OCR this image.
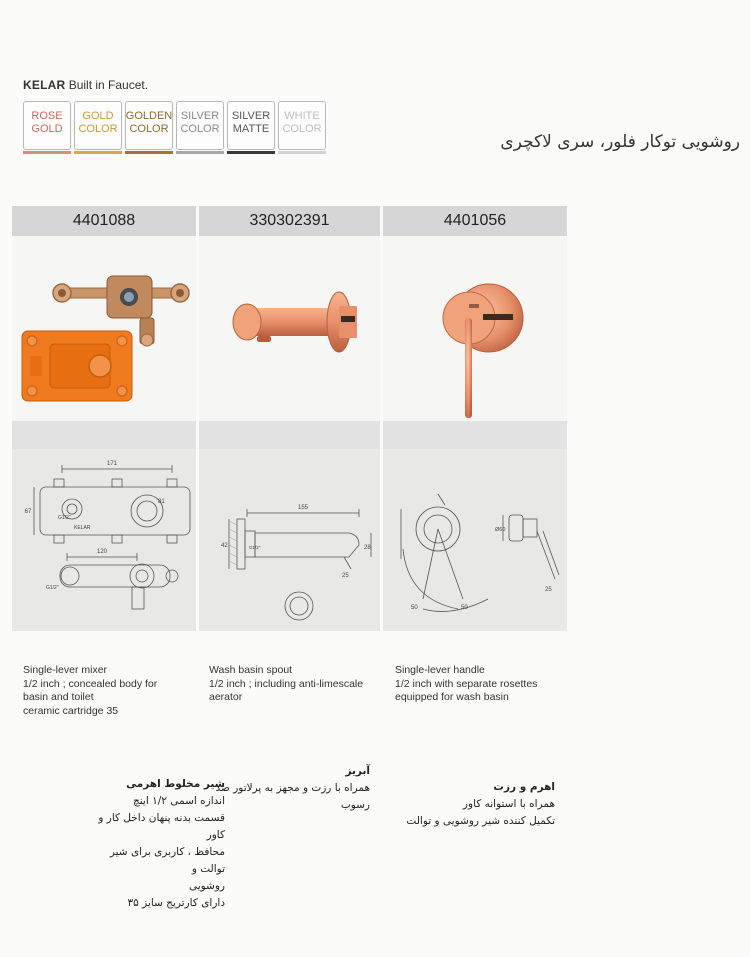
KELAR Built in Faucet.
ROSE
GOLD
GOLD
COLOR
GOLDEN
COLOR
SILVER
COLOR
SILVER
MATTE
WHITE
COLOR
روشویی توکار فلور، سری لاکچری
4401088
171
67
120
81
G1/2"
KELAR
G1/2"
330302391
155
42	28
25
G1/2"
4401056
50	50
Ø60
25
Single-lever mixer
1/2 inch ; concealed body for
basin and toilet
ceramic cartridge 35
Wash basin spout
1/2 inch ; including anti-limescale
aerator
Single-lever handle
1/2 inch with separate rosettes
equipped for wash basin
شیر مخلوط اهرمی
اندازه اسمی ۱/۲ اینچ
قسمت بدنه پنهان داخل کار و کاور
محافظ ، کاربری برای شیر توالت و
روشویی
دارای کارتریج سایز ۳۵
آبریز
همراه با رزت و مجهز به پرلاتور ضد
رسوب
اهرم و رزت
همراه با استوانه کاور
تکمیل کننده شیر روشویی و توالت
